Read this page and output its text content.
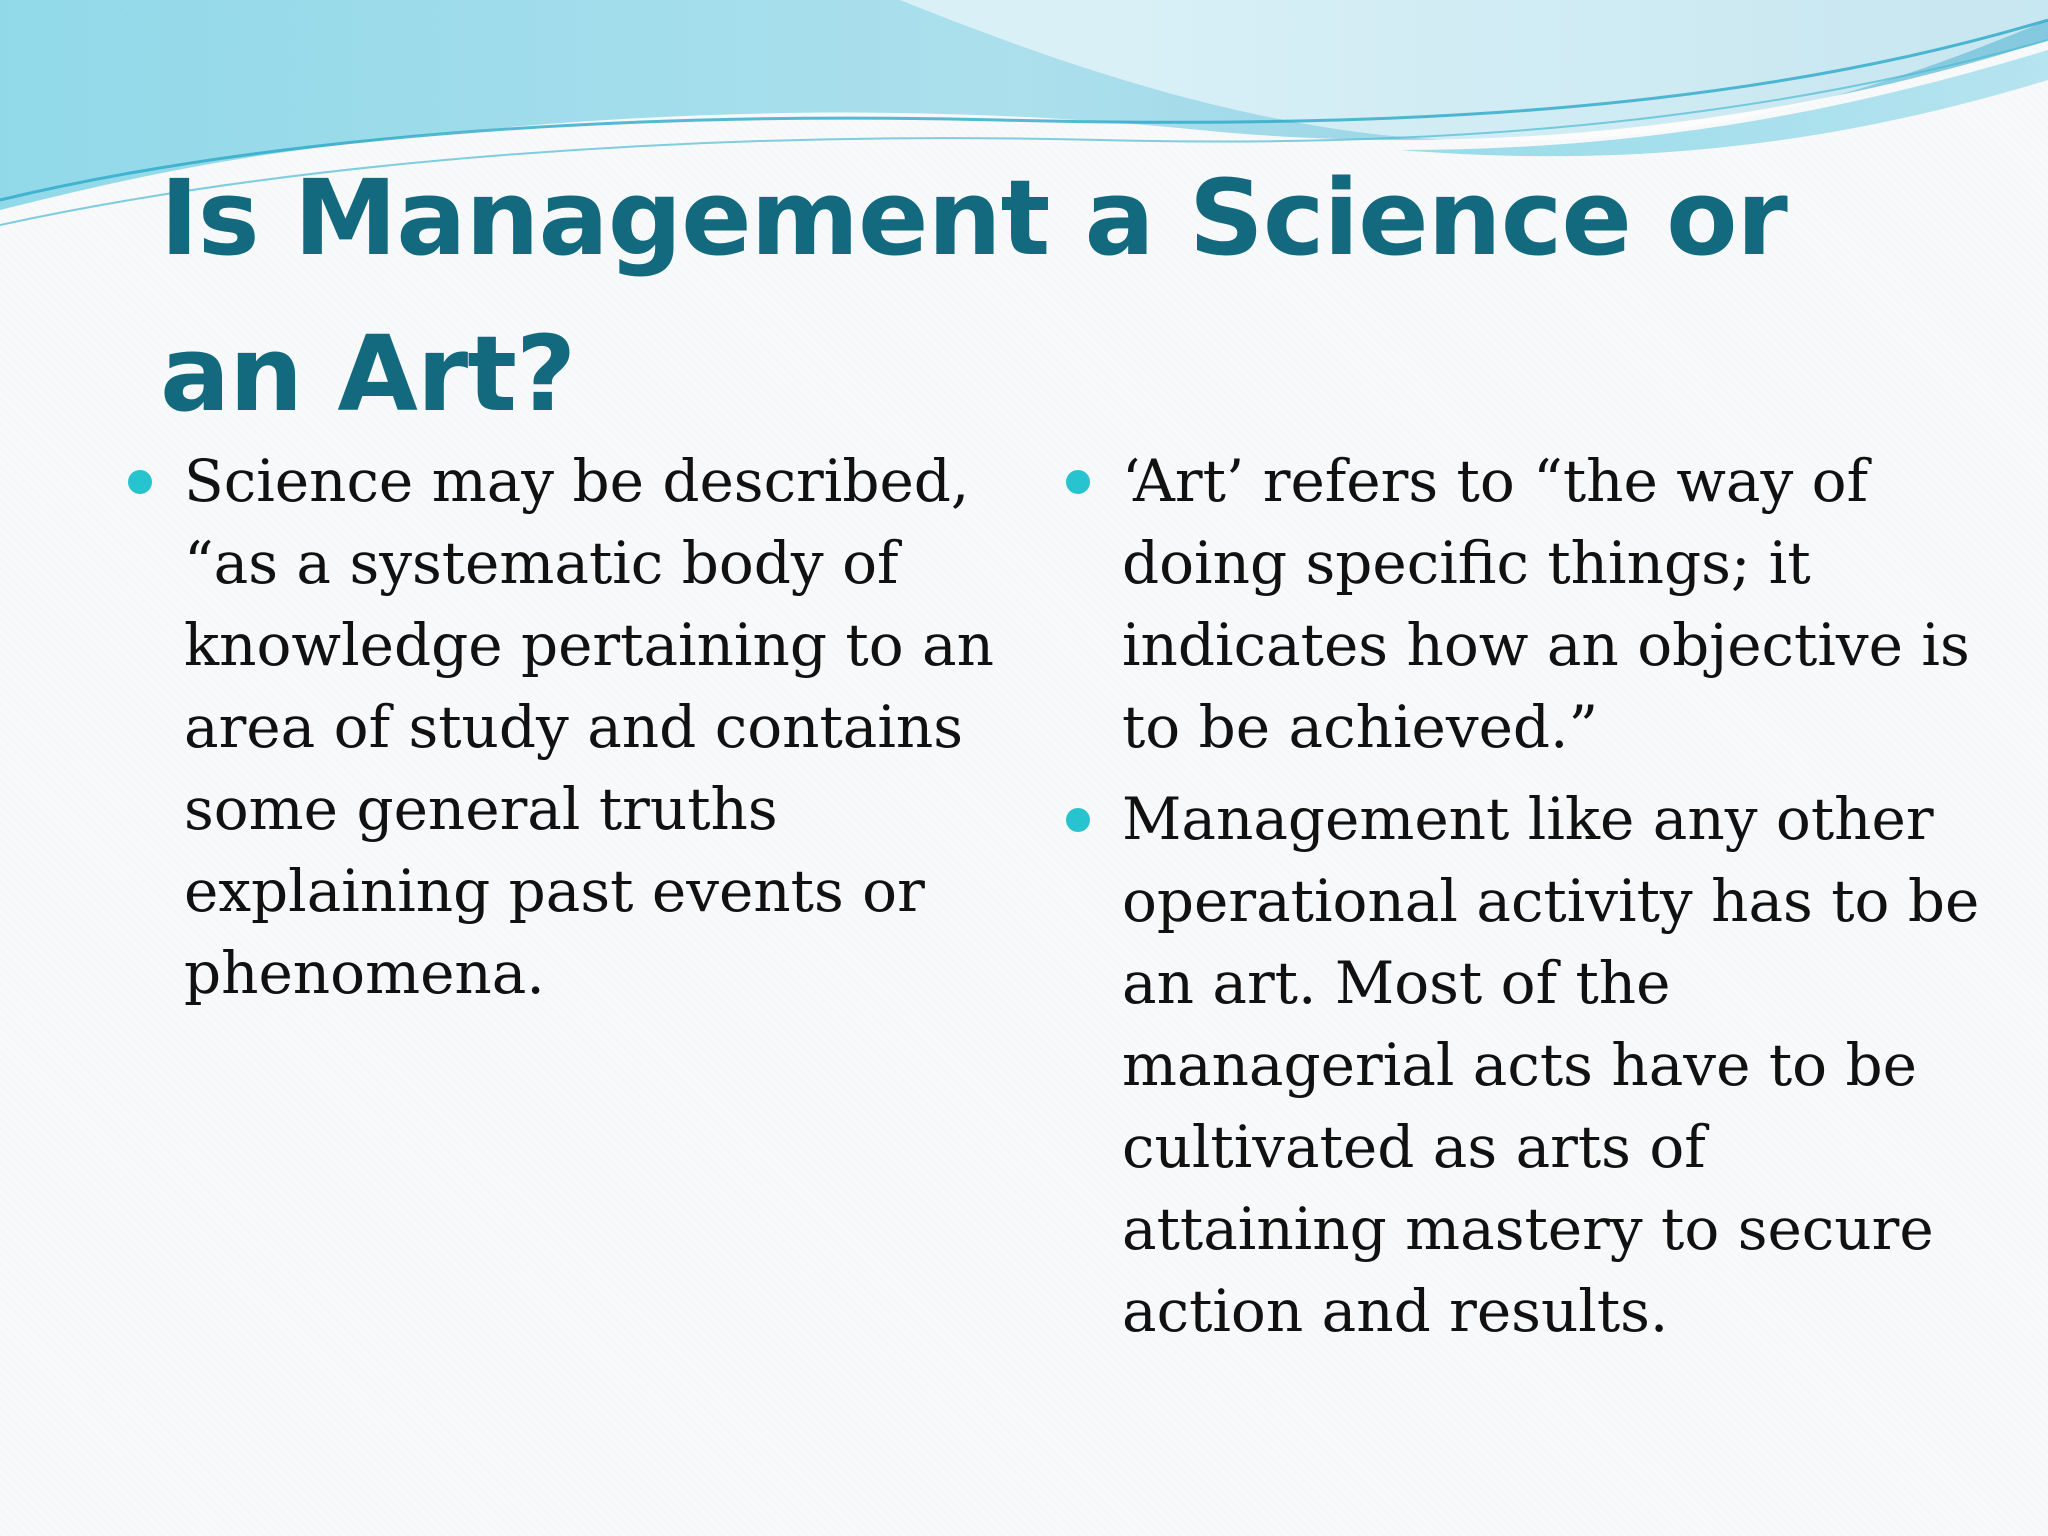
Is Management a Science or an Art?
Science may be described, “as a systematic body of knowledge pertaining to an area of study and contains some general truths explaining past events or phenomena.
‘Art’ refers to “the way of doing specific things; it indicates how an objective is to be achieved.”
Management like any other operational activity has to be an art. Most of the managerial acts have to be cultivated as arts of attaining mastery to secure action and results.
